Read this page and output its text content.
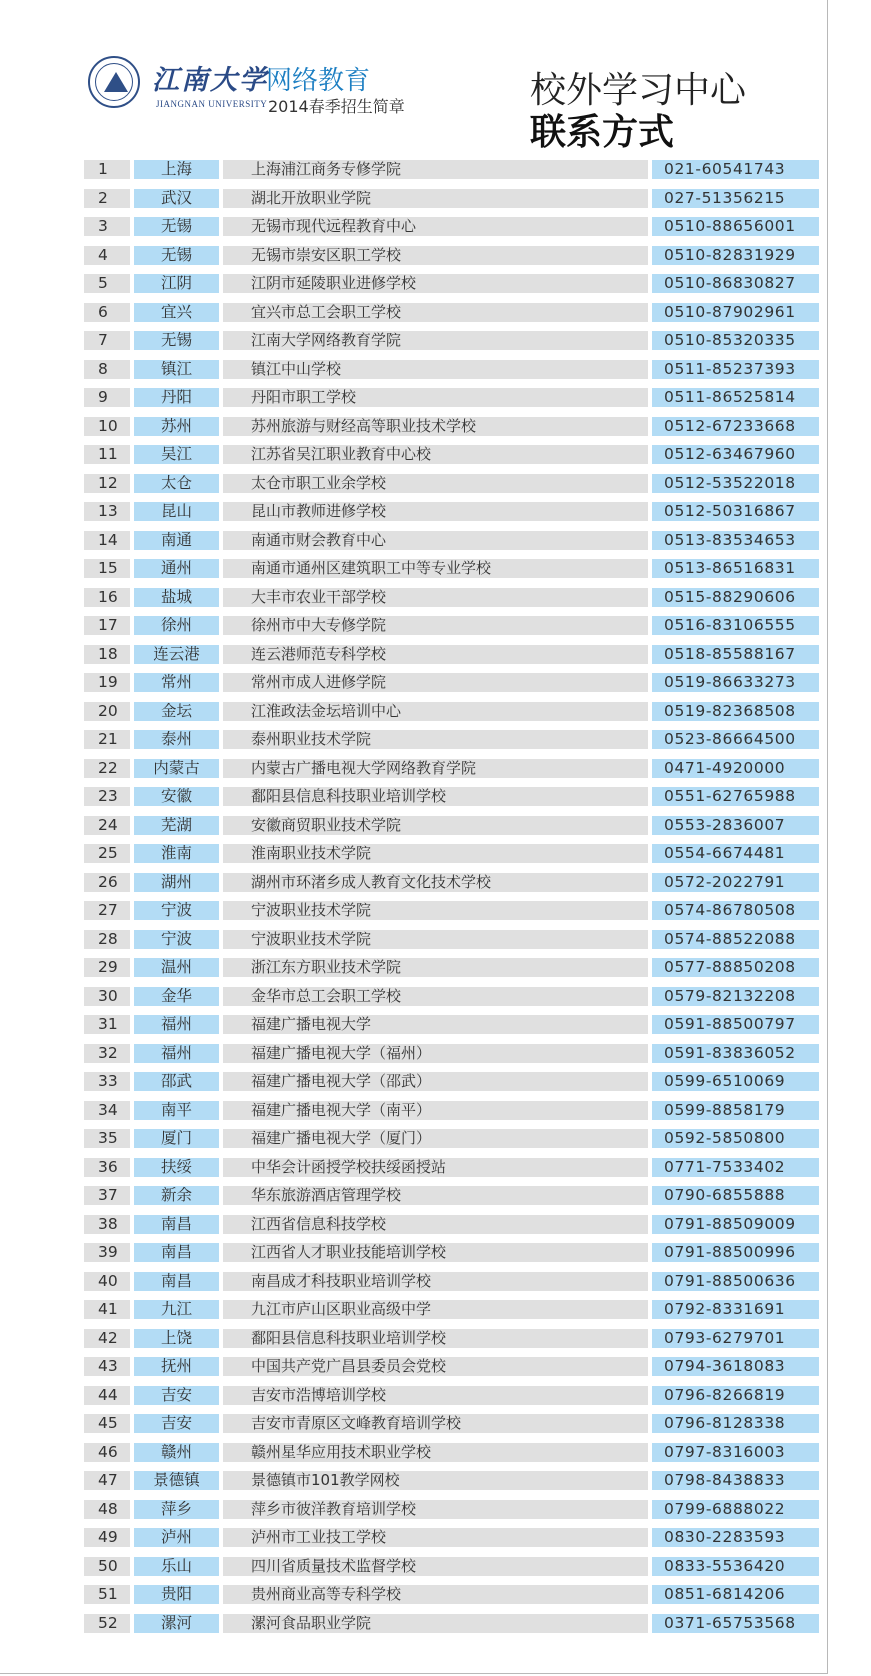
江南大学
JIANGNAN UNIVERSITY
网络教育
2014春季招生简章	校外学习中心
联系方式
1	上海	上海浦江商务专修学院	021-60541743
2	武汉	湖北开放职业学院	027-51356215
3	无锡	无锡市现代远程教育中心	0510-88656001
4	无锡	无锡市崇安区职工学校	0510-82831929
5	江阴	江阴市延陵职业进修学校	0510-86830827
6	宜兴	宜兴市总工会职工学校	0510-87902961
7	无锡	江南大学网络教育学院	0510-85320335
8	镇江	镇江中山学校	0511-85237393
9	丹阳	丹阳市职工学校	0511-86525814
10	苏州	苏州旅游与财经高等职业技术学校	0512-67233668
11	吴江	江苏省吴江职业教育中心校	0512-63467960
12	太仓	太仓市职工业余学校	0512-53522018
13	昆山	昆山市教师进修学校	0512-50316867
14	南通	南通市财会教育中心	0513-83534653
15	通州	南通市通州区建筑职工中等专业学校	0513-86516831
16	盐城	大丰市农业干部学校	0515-88290606
17	徐州	徐州市中大专修学院	0516-83106555
18	连云港	连云港师范专科学校	0518-85588167
19	常州	常州市成人进修学院	0519-86633273
20	金坛	江淮政法金坛培训中心	0519-82368508
21	泰州	泰州职业技术学院	0523-86664500
22	内蒙古	内蒙古广播电视大学网络教育学院	0471-4920000
23	安徽	鄱阳县信息科技职业培训学校	0551-62765988
24	芜湖	安徽商贸职业技术学院	0553-2836007
25	淮南	淮南职业技术学院	0554-6674481
26	湖州	湖州市环渚乡成人教育文化技术学校	0572-2022791
27	宁波	宁波职业技术学院	0574-86780508
28	宁波	宁波职业技术学院	0574-88522088
29	温州	浙江东方职业技术学院	0577-88850208
30	金华	金华市总工会职工学校	0579-82132208
31	福州	福建广播电视大学	0591-88500797
32	福州	福建广播电视大学（福州）	0591-83836052
33	邵武	福建广播电视大学（邵武）	0599-6510069
34	南平	福建广播电视大学（南平）	0599-8858179
35	厦门	福建广播电视大学（厦门）	0592-5850800
36	扶绥	中华会计函授学校扶绥函授站	0771-7533402
37	新余	华东旅游酒店管理学校	0790-6855888
38	南昌	江西省信息科技学校	0791-88509009
39	南昌	江西省人才职业技能培训学校	0791-88500996
40	南昌	南昌成才科技职业培训学校	0791-88500636
41	九江	九江市庐山区职业高级中学	0792-8331691
42	上饶	鄱阳县信息科技职业培训学校	0793-6279701
43	抚州	中国共产党广昌县委员会党校	0794-3618083
44	吉安	吉安市浩博培训学校	0796-8266819
45	吉安	吉安市青原区文峰教育培训学校	0796-8128338
46	赣州	赣州星华应用技术职业学校	0797-8316003
47	景德镇	景德镇市101教学网校	0798-8438833
48	萍乡	萍乡市彼洋教育培训学校	0799-6888022
49	泸州	泸州市工业技工学校	0830-2283593
50	乐山	四川省质量技术监督学校	0833-5536420
51	贵阳	贵州商业高等专科学校	0851-6814206
52	漯河	漯河食品职业学院	0371-65753568
